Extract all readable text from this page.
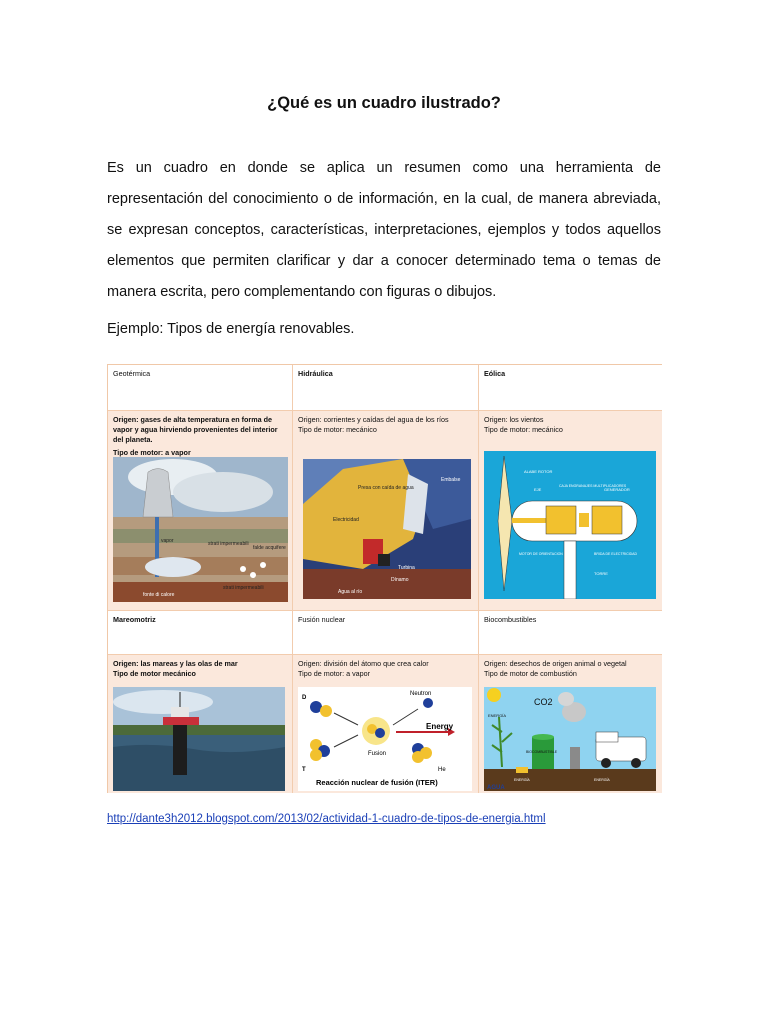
¿Qué es un cuadro ilustrado?
Es un cuadro en donde se aplica un resumen como una herramienta de representación del conocimiento o de información, en la cual, de manera abreviada, se expresan conceptos, características, interpretaciones, ejemplos y todos aquellos elementos que permiten clarificar y dar a conocer determinado tema o temas de manera escrita, pero complementando con figuras o dibujos.
Ejemplo: Tipos de energía renovables.
Geotérmica	Hidráulica	Eólica
Origen: gases de alta temperatura en forma de vapor y agua hirviendo provenientes del interior del planeta.
Tipo de motor: a vapor
vapor	strati impermeabili
falde acquifere
fonte di calore
strati impermeabili
Origen: corrientes y caídas del agua de los ríos
Tipo de motor: mecánico
Presa con caída de agua
Embalse
Electricidad
Turbina
Dínamo
Agua al río
Origen: los vientos
Tipo de motor: mecánico
ALABE ROTOR
EJE
CAJA ENGRANAJES MULTIPLICADORES
GENERADOR
MOTOR DE ORIENTACION	BRIDA DE ELECTRICIDAD
TORRE
Mareomotriz	Fusión nuclear	Biocombustibles
Origen: las mareas y las olas de mar
Tipo de motor mecánico
Origen: división del átomo que crea calor
Tipo de motor: a vapor
D
T
Neutron
Energy
Fusion
He
Reacción nuclear de fusión (ITER)
Origen: desechos de origen animal o vegetal
Tipo de motor de combustión
CO2
ENERGÍA
BIOCOMBUSTIBLE
ENERGÍA	ENERGÍA
AGUA
http://dante3h2012.blogspot.com/2013/02/actividad-1-cuadro-de-tipos-de-energia.html
